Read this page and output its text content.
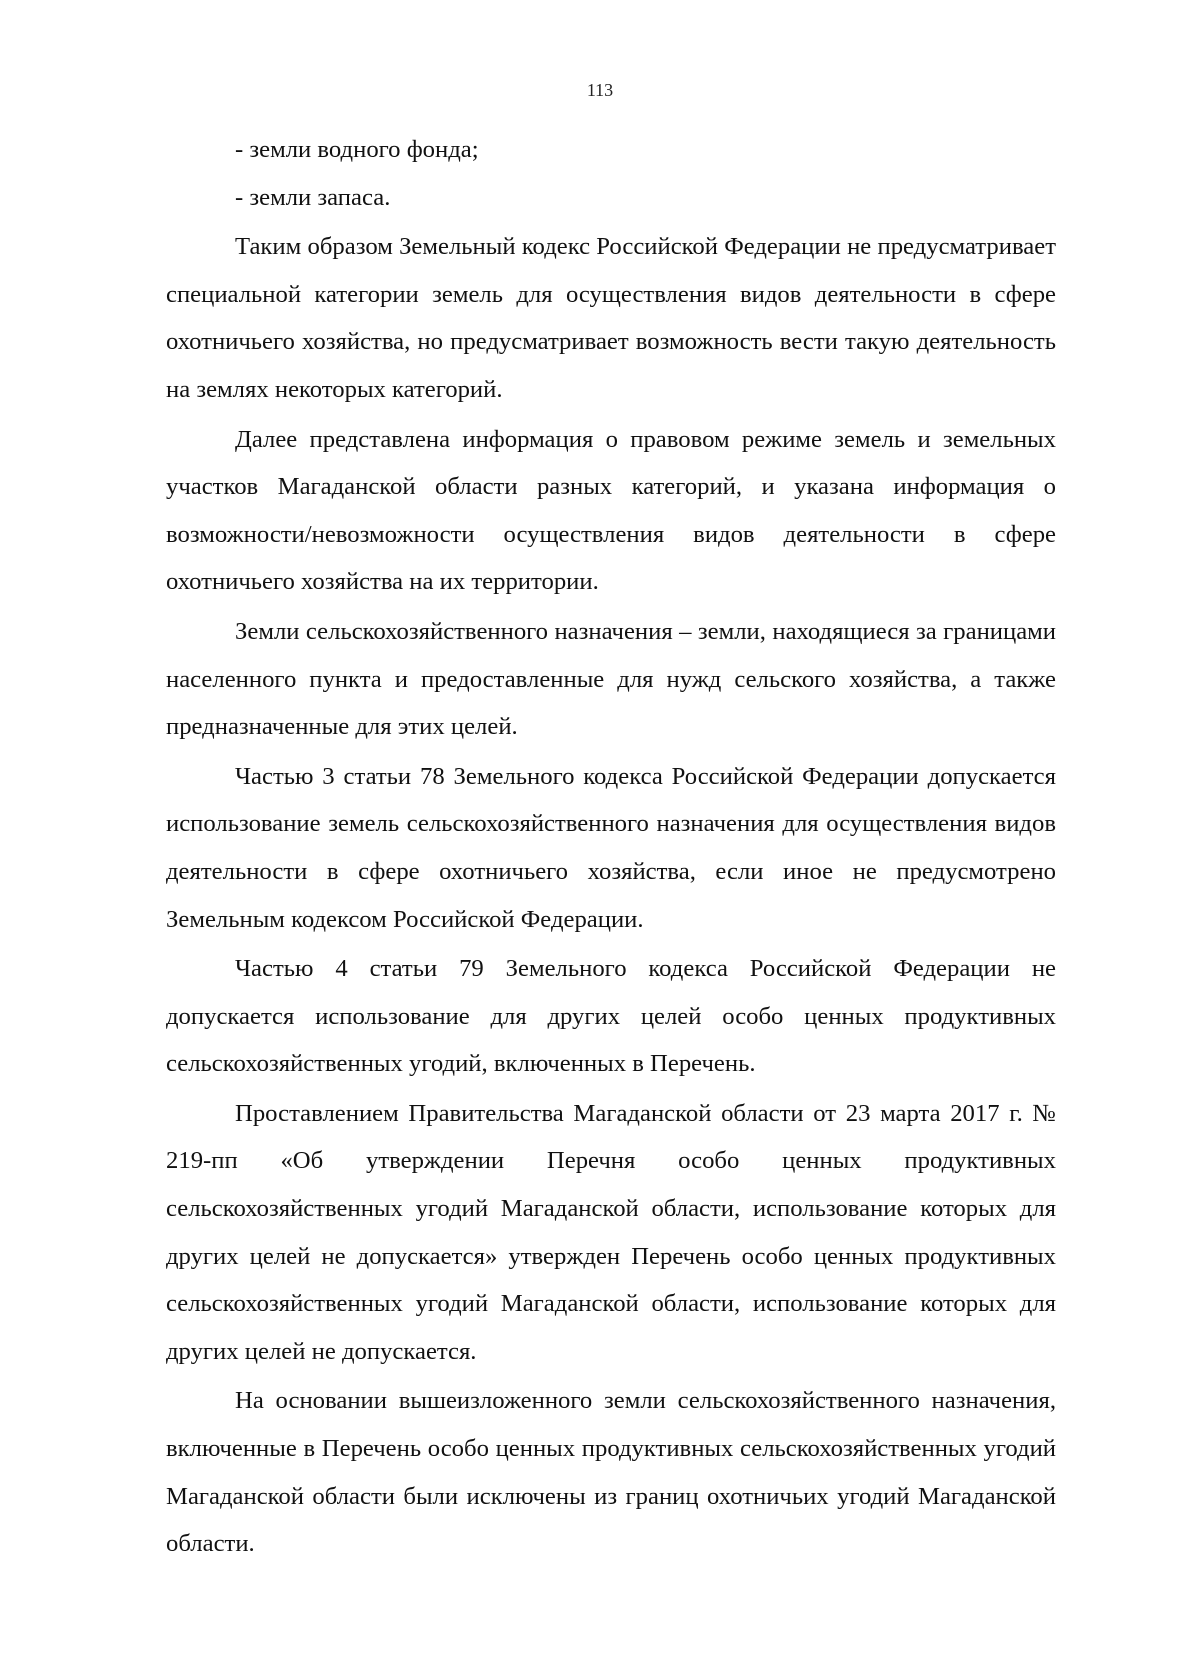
113

- земли водного фонда;

- земли запаса.

Таким образом Земельный кодекс Российской Федерации не предусматривает специальной категории земель для осуществления видов деятельности в сфере охотничьего хозяйства, но предусматривает возможность вести такую деятельность на землях некоторых категорий.

Далее представлена информация о правовом режиме земель и земельных участков Магаданской области разных категорий, и указана информация о возможности/невозможности осуществления видов деятельности в сфере охотничьего хозяйства на их территории.

Земли сельскохозяйственного назначения – земли, находящиеся за границами населенного пункта и предоставленные для нужд сельского хозяйства, а также предназначенные для этих целей.

Частью 3 статьи 78 Земельного кодекса Российской Федерации допускается использование земель сельскохозяйственного назначения для осуществления видов деятельности в сфере охотничьего хозяйства, если иное не предусмотрено Земельным кодексом Российской Федерации.

Частью 4 статьи 79 Земельного кодекса Российской Федерации не допускается использование для других целей особо ценных продуктивных сельскохозяйственных угодий, включенных в Перечень.

Проставлением Правительства Магаданской области от 23 марта 2017 г. № 219-пп «Об утверждении Перечня особо ценных продуктивных сельскохозяйственных угодий Магаданской области, использование которых для других целей не допускается» утвержден Перечень особо ценных продуктивных сельскохозяйственных угодий Магаданской области, использование которых для других целей не допускается.

На основании вышеизложенного земли сельскохозяйственного назначения, включенные в Перечень особо ценных продуктивных сельскохозяйственных угодий Магаданской области были исключены из границ охотничьих угодий Магаданской области.
